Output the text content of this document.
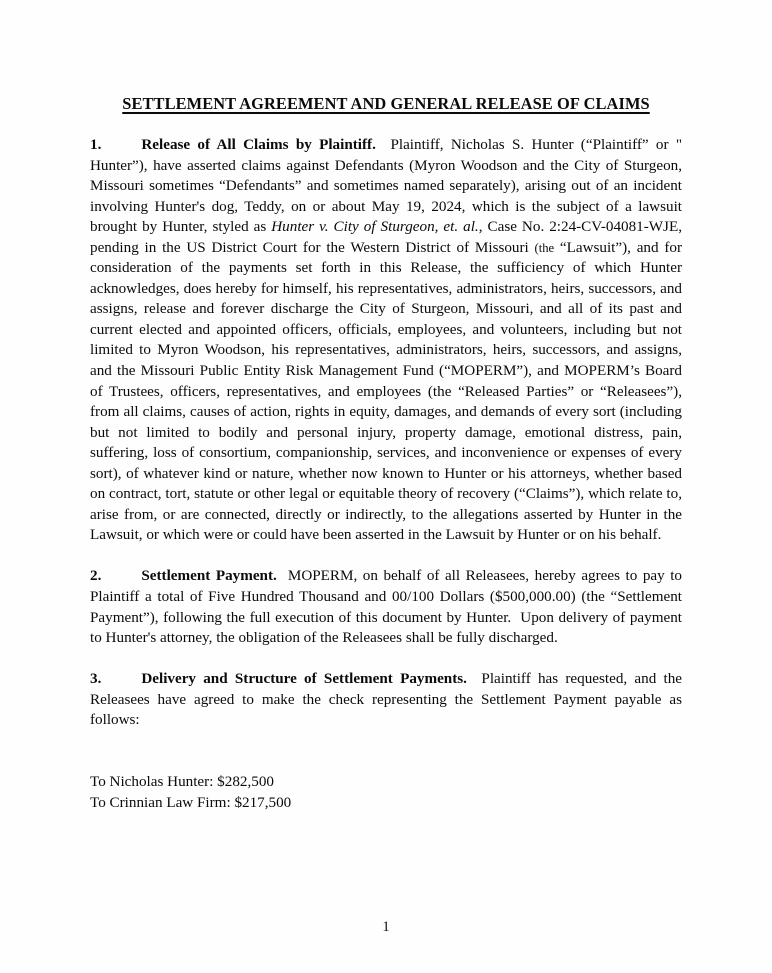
SETTLEMENT AGREEMENT AND GENERAL RELEASE OF CLAIMS

1.	Release of All Claims by Plaintiff.  Plaintiff, Nicholas S. Hunter (“Plaintiff” or " Hunter”), have asserted claims against Defendants (Myron Woodson and the City of Sturgeon, Missouri sometimes “Defendants” and sometimes named separately), arising out of an incident involving Hunter's dog, Teddy, on or about May 19, 2024, which is the subject of a lawsuit brought by Hunter, styled as Hunter v. City of Sturgeon, et. al., Case No. 2:24-CV-04081-WJE, pending in the US District Court for the Western District of Missouri (the “Lawsuit”), and for consideration of the payments set forth in this Release, the sufficiency of which Hunter acknowledges, does hereby for himself, his representatives, administrators, heirs, successors, and assigns, release and forever discharge the City of Sturgeon, Missouri, and all of its past and current elected and appointed officers, officials, employees, and volunteers, including but not limited to Myron Woodson, his representatives, administrators, heirs, successors, and assigns, and the Missouri Public Entity Risk Management Fund (“MOPERM”), and MOPERM’s Board of Trustees, officers, representatives, and employees (the “Released Parties” or “Releasees”), from all claims, causes of action, rights in equity, damages, and demands of every sort (including but not limited to bodily and personal injury, property damage, emotional distress, pain, suffering, loss of consortium, companionship, services, and inconvenience or expenses of every sort), of whatever kind or nature, whether now known to Hunter or his attorneys, whether based on contract, tort, statute or other legal or equitable theory of recovery (“Claims”), which relate to, arise from, or are connected, directly or indirectly, to the allegations asserted by Hunter in the Lawsuit, or which were or could have been asserted in the Lawsuit by Hunter or on his behalf.

2.	Settlement Payment.  MOPERM, on behalf of all Releasees, hereby agrees to pay to Plaintiff a total of Five Hundred Thousand and 00/100 Dollars ($500,000.00) (the “Settlement Payment”), following the full execution of this document by Hunter.  Upon delivery of payment to Hunter's attorney, the obligation of the Releasees shall be fully discharged.

3.	Delivery and Structure of Settlement Payments.  Plaintiff has requested, and the Releasees have agreed to make the check representing the Settlement Payment payable as follows:

To Nicholas Hunter: $282,500
To Crinnian Law Firm: $217,500
1
